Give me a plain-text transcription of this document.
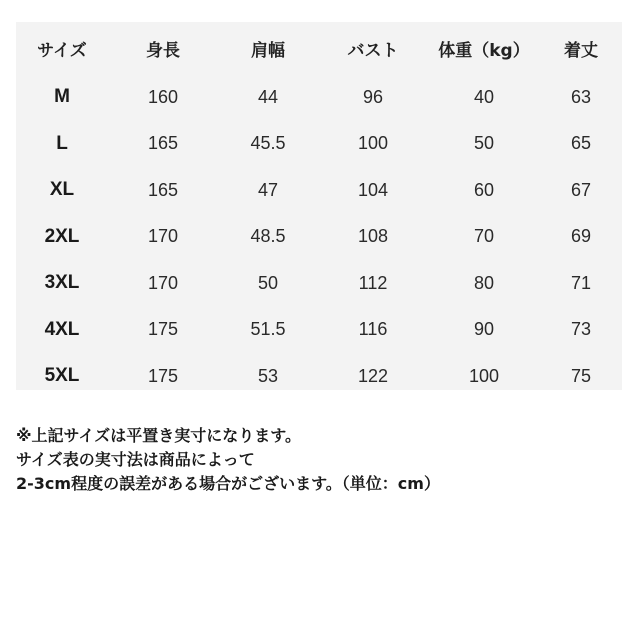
サイズ	身長	肩幅	バスト	体重（kg）	着丈
M	160	44	96	40	63
L	165	45.5	100	50	65
XL	165	47	104	60	67
2XL	170	48.5	108	70	69
3XL	170	50	112	80	71
4XL	175	51.5	116	90	73
5XL	175	53	122	100	75
※上記サイズは平置き実寸になります。
サイズ表の実寸法は商品によって
2-3cm程度の誤差がある場合がございます。（単位：cm）
